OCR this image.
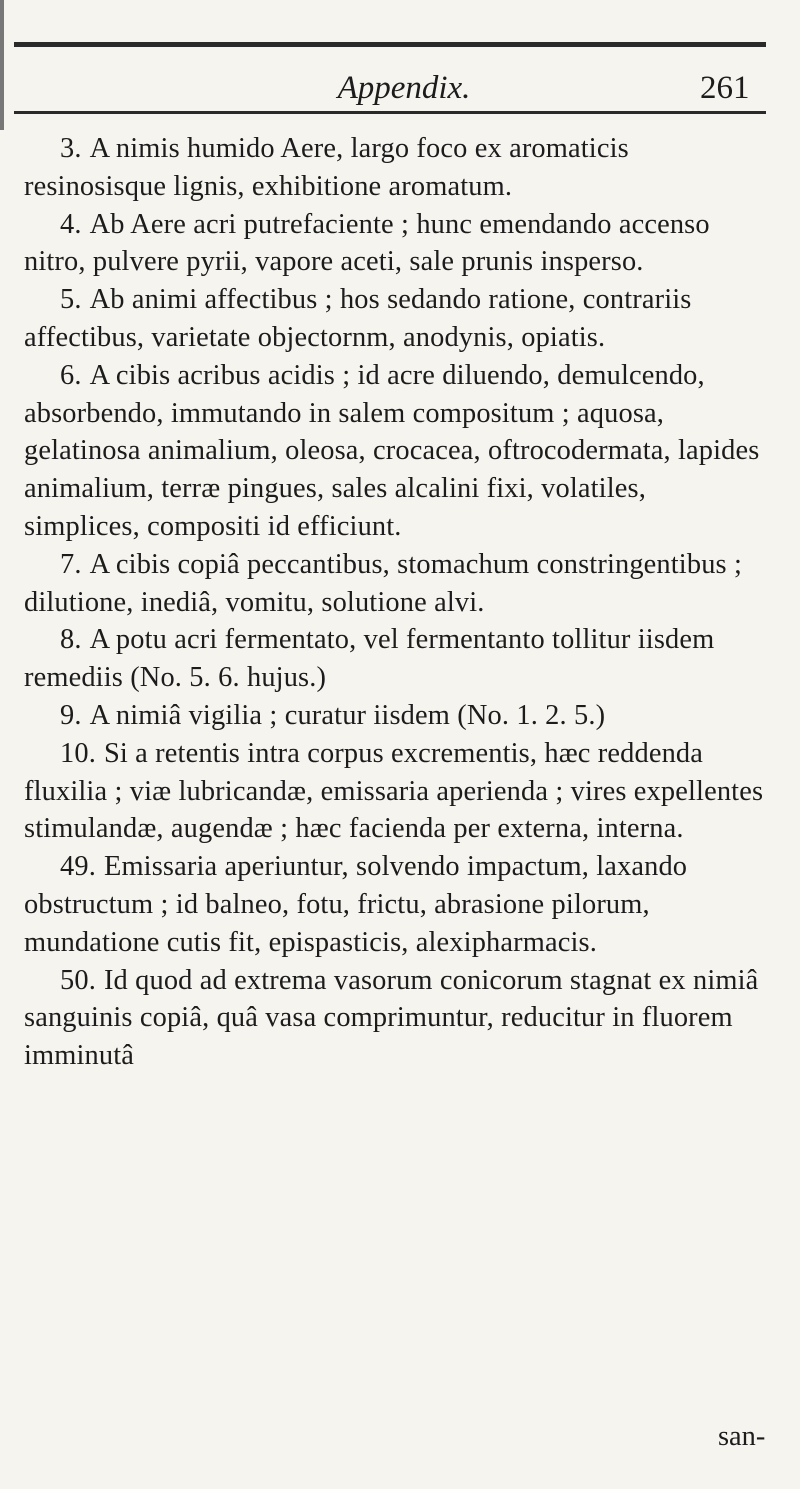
Appendix.	261

3. A nimis humido Aere, largo foco ex aromaticis resinosisque lignis, exhibitione aromatum.

4. Ab Aere acri putrefaciente ; hunc emendando accenso nitro, pulvere pyrii, vapore aceti, sale prunis insperso.

5. Ab animi affectibus ; hos sedando ratione, contrariis affectibus, varietate objectornm, anodynis, opiatis.

6. A cibis acribus acidis ; id acre diluendo, demulcendo, absorbendo, immutando in salem compositum ; aquosa, gelatinosa animalium, oleosa, crocacea, oftrocodermata, lapides animalium, terræ pingues, sales alcalini fixi, volatiles, simplices, compositi id efficiunt.

7. A cibis copiâ peccantibus, stomachum constringentibus ; dilutione, inediâ, vomitu, solutione alvi.

8. A potu acri fermentato, vel fermentanto tollitur iisdem remediis (No. 5. 6. hujus.)

9. A nimiâ vigilia ; curatur iisdem (No. 1. 2. 5.)

10. Si a retentis intra corpus excrementis, hæc reddenda fluxilia ; viæ lubricandæ, emissaria aperienda ; vires expellentes stimulandæ, augendæ ; hæc facienda per externa, interna.

49. Emissaria aperiuntur, solvendo impactum, laxando obstructum ; id balneo, fotu, frictu, abrasione pilorum, mundatione cutis fit, epispasticis, alexipharmacis.

50. Id quod ad extrema vasorum conicorum stagnat ex nimiâ sanguinis copiâ, quâ vasa comprimuntur, reducitur in fluorem imminutâ

san-
